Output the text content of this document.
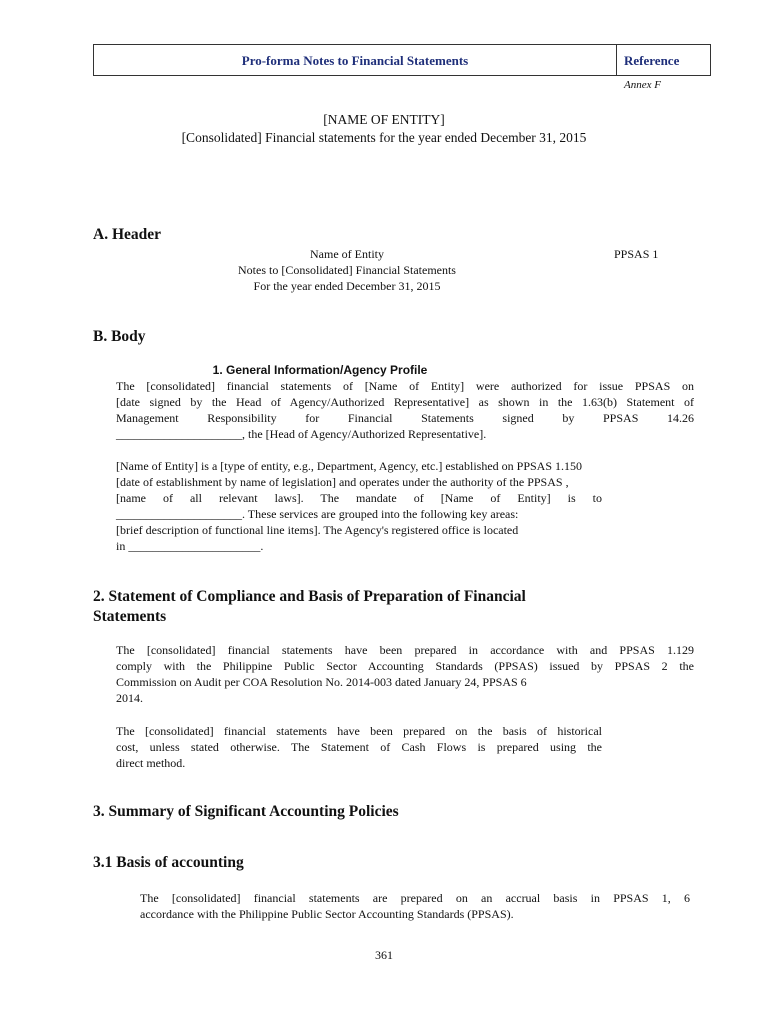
Pro-forma Notes to Financial Statements	Reference
Annex F
[NAME OF ENTITY]
[Consolidated] Financial statements for the year ended December 31, 2015
A. Header
Name of Entity
Notes to [Consolidated] Financial Statements
For the year ended December 31, 2015
PPSAS 1
B. Body
1. General Information/Agency Profile
The [consolidated] financial statements of [Name of Entity] were authorized for issue PPSAS on
[date signed by the Head of Agency/Authorized Representative] as shown in the 1.63(b) Statement of
Management Responsibility for Financial Statements signed by PPSAS 14.26
_____________________, the [Head of Agency/Authorized Representative].
[Name of Entity] is a [type of entity, e.g., Department, Agency, etc.] established on PPSAS 1.150
[date of establishment by name of legislation] and operates under the authority of the PPSAS ,
[name of all relevant laws]. The mandate of [Name of Entity] is to
_____________________. These services are grouped into the following key areas:
[brief description of functional line items]. The Agency's registered office is located
in ______________________.
2. Statement of Compliance and Basis of Preparation of Financial
Statements
The [consolidated] financial statements have been prepared in accordance with and PPSAS 1.129
comply with the Philippine Public Sector Accounting Standards (PPSAS) issued by PPSAS 2 the
Commission on Audit per COA Resolution No. 2014-003 dated January 24, PPSAS 6
2014.
The [consolidated] financial statements have been prepared on the basis of historical
cost, unless stated otherwise. The Statement of Cash Flows is prepared using the
direct method.
3. Summary of Significant Accounting Policies
3.1 Basis of accounting
The [consolidated] financial statements are prepared on an accrual basis in PPSAS 1, 6
accordance with the Philippine Public Sector Accounting Standards (PPSAS).
361
